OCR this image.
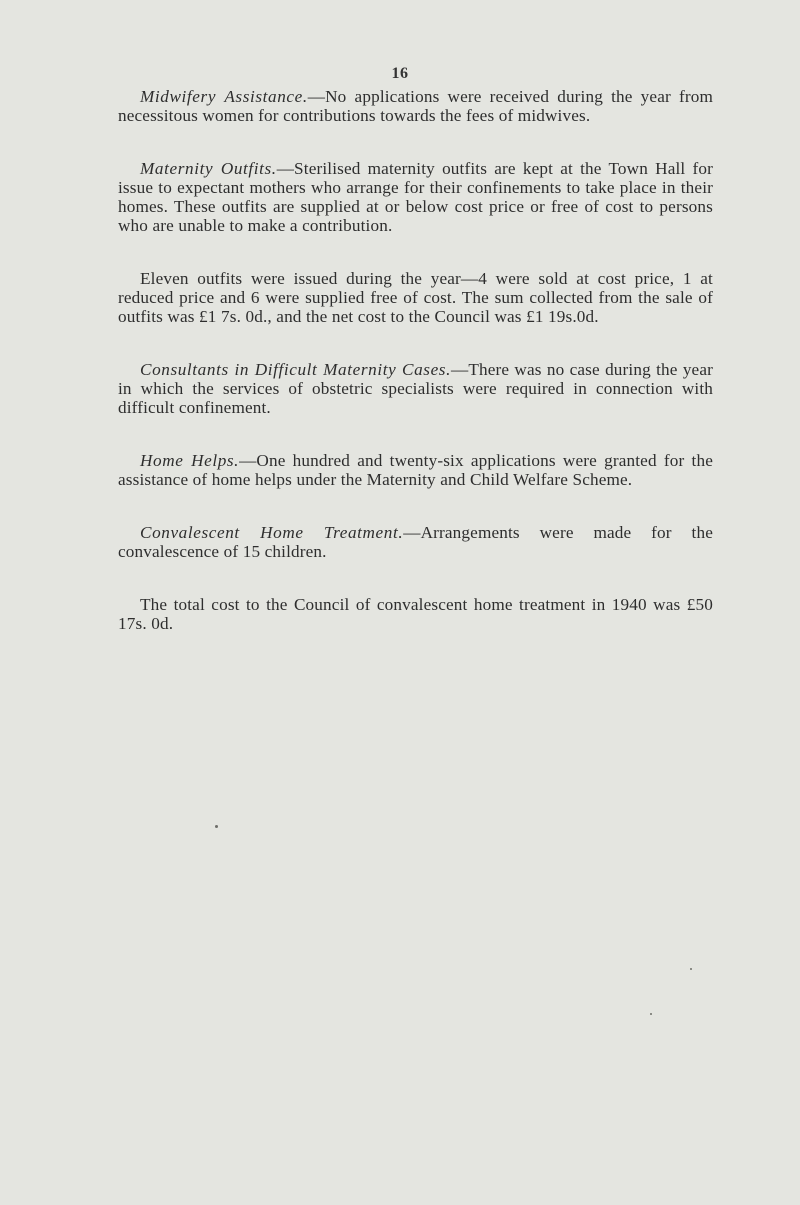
16

Midwifery Assistance.—No applications were received during the year from necessitous women for contributions towards the fees of midwives.

Maternity Outfits.—Sterilised maternity outfits are kept at the Town Hall for issue to expectant mothers who arrange for their confinements to take place in their homes. These outfits are supplied at or below cost price or free of cost to persons who are unable to make a contribution.

Eleven outfits were issued during the year—4 were sold at cost price, 1 at reduced price and 6 were supplied free of cost. The sum collected from the sale of outfits was £1 7s. 0d., and the net cost to the Council was £1 19s.0d.

Consultants in Difficult Maternity Cases.—There was no case during the year in which the services of obstetric specialists were required in connection with difficult confinement.

Home Helps.—One hundred and twenty-six applications were granted for the assistance of home helps under the Maternity and Child Welfare Scheme.

Convalescent Home Treatment.—Arrangements were made for the convalescence of 15 children.

The total cost to the Council of convalescent home treatment in 1940 was £50 17s. 0d.
